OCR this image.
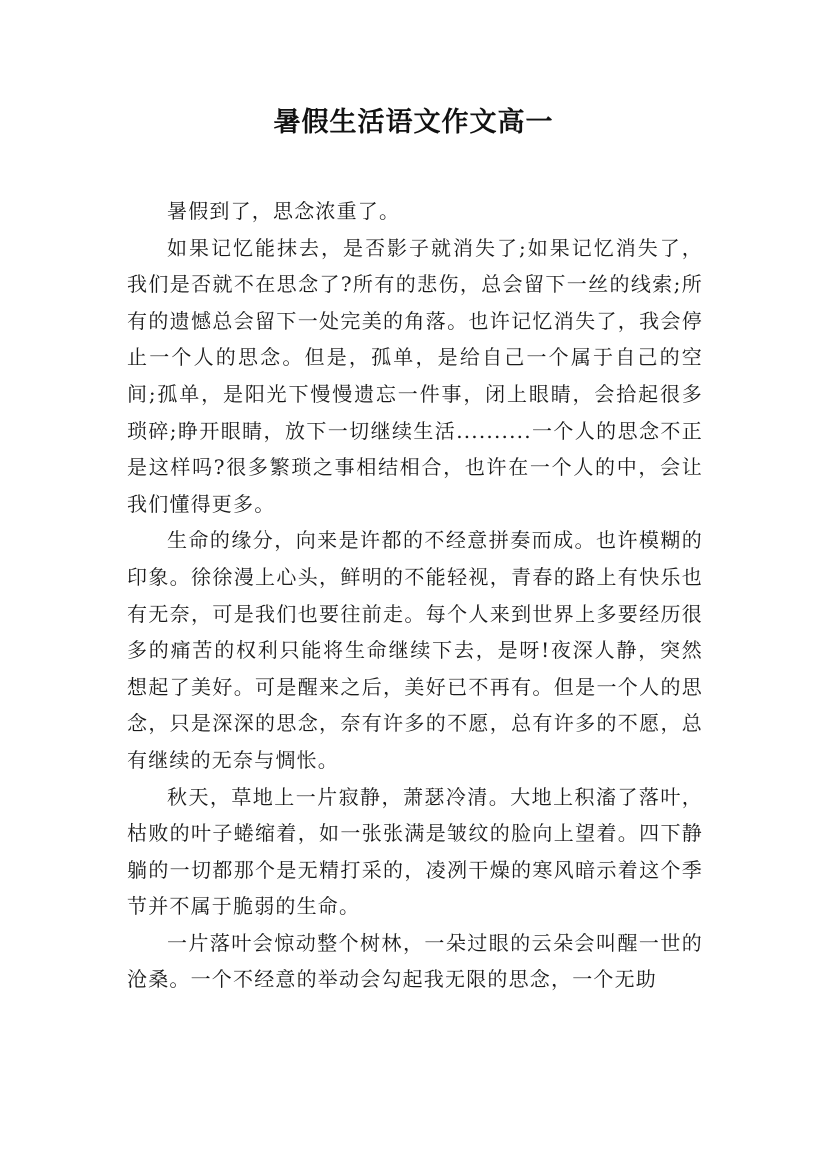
暑假生活语文作文高一

暑假到了，思念浓重了。

如果记忆能抹去，是否影子就消失了;如果记忆消失了，我们是否就不在思念了?所有的悲伤，总会留下一丝的线索;所有的遗憾总会留下一处完美的角落。也许记忆消失了，我会停止一个人的思念。但是，孤单，是给自己一个属于自己的空间;孤单，是阳光下慢慢遗忘一件事，闭上眼睛，会拾起很多琐碎;睁开眼睛，放下一切继续生活..........一个人的思念不正是这样吗?很多繁琐之事相结相合，也许在一个人的中，会让我们懂得更多。

生命的缘分，向来是许都的不经意拼奏而成。也许模糊的印象。徐徐漫上心头，鲜明的不能轻视，青春的路上有快乐也有无奈，可是我们也要往前走。每个人来到世界上多要经历很多的痛苦的权利只能将生命继续下去，是呀!夜深人静，突然想起了美好。可是醒来之后，美好已不再有。但是一个人的思念，只是深深的思念，奈有许多的不愿，总有许多的不愿，总有继续的无奈与惆怅。

秋天，草地上一片寂静，萧瑟冷清。大地上积滀了落叶，枯败的叶子蜷缩着，如一张张满是皱纹的脸向上望着。四下静躺的一切都那个是无精打采的，凌冽干燥的寒风暗示着这个季节并不属于脆弱的生命。

一片落叶会惊动整个树林，一朵过眼的云朵会叫醒一世的沧桑。一个不经意的举动会勾起我无限的思念，一个无助
